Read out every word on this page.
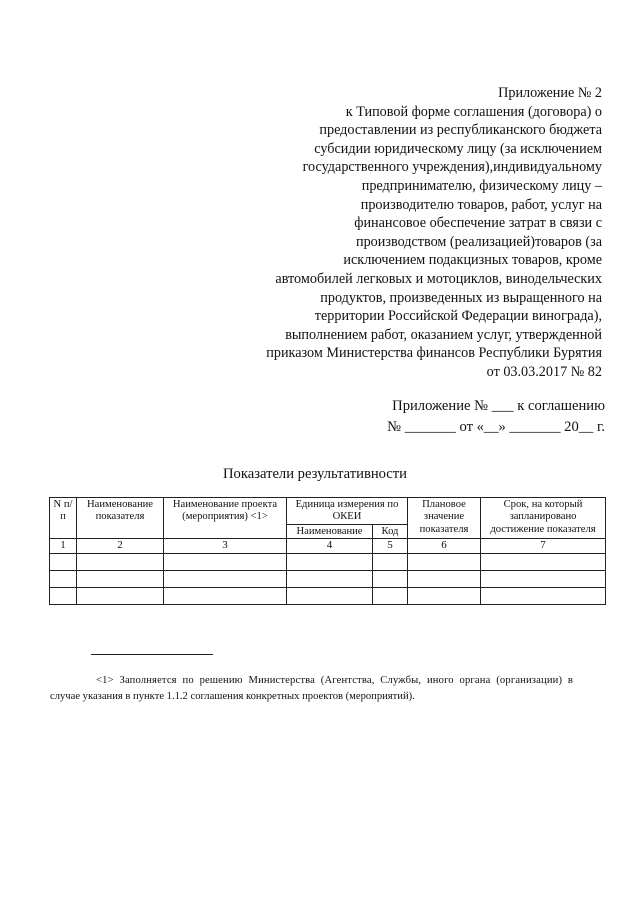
Приложение № 2
к Типовой форме соглашения (договора) о
предоставлении из республиканского бюджета
субсидии юридическому лицу (за исключением
государственного учреждения),индивидуальному
предпринимателю, физическому лицу –
производителю товаров, работ, услуг на
финансовое обеспечение затрат в связи с
производством (реализацией)товаров (за
исключением подакцизных товаров, кроме
автомобилей легковых и мотоциклов, винодельческих
продуктов, произведенных из выращенного на
территории Российской Федерации винограда),
выполнением работ, оказанием услуг, утвержденной
приказом Министерства финансов Республики Бурятия
от 03.03.2017 № 82
Приложение № ___ к соглашению
№ _______ от «__» _______ 20__ г.
Показатели результативности
N п/п	Наименование показателя	Наименование проекта (мероприятия) <1>	Единица измерения по ОКЕИ		Плановое значение показателя	Срок, на который запланировано достижение показателя
			Наименование	Код		
1	2	3	4	5	6	7

<1> Заполняется по решению Министерства (Агентства, Службы, иного органа (организации) в
случае указания в пункте 1.1.2 соглашения конкретных проектов (мероприятий).
